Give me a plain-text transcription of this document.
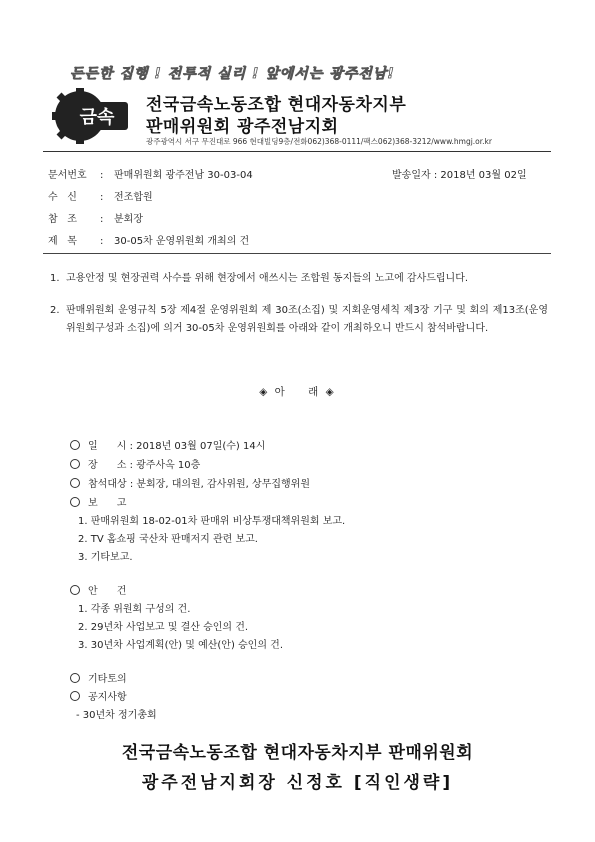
든든한 집행 ! 전투적 실리 ! 앞에서는 광주전남!
금속
전국금속노동조합 현대자동차지부
판매위원회 광주전남지회
광주광역시 서구 무진대로 966 현대빌딩9층/전화062)368-0111/팩스062)368-3212/www.hmgj.or.kr
문서번호 : 판매위원회 광주전남 30-03-04	발송일자 : 2018년 03월 02일
수   신 : 전조합원
참   조 : 분회장
제   목 : 30-05차 운영위원회 개최의 건
1. 고용안정 및 현장권력 사수를 위해 현장에서 애쓰시는 조합원 동지들의 노고에 감사드립니다.
2. 판매위원회 운영규칙 5장 제4절 운영위원회 제 30조(소집) 및 지회운영세칙 제3장 기구 및 회의 제13조(운영위원회구성과 소집)에 의거 30-05차 운영위원회를 아래와 같이 개최하오니 반드시 참석바랍니다.
◈ 아    래 ◈
일      시 : 2018년 03월 07일(수) 14시
장      소 : 광주사옥 10층
참석대상 : 분회장, 대의원, 감사위원, 상무집행위원
보      고
1. 판매위원회 18-02-01차 판매위 비상투쟁대책위원회 보고.
2. TV 홈쇼핑 국산차 판매저지 관련 보고.
3. 기타보고.
안      건
1. 각종 위원회 구성의 건.
2. 29년차 사업보고 및 결산 승인의 건.
3. 30년차 사업계획(안) 및 예산(안) 승인의 건.
기타토의
공지사항
- 30년차 정기총회
전국금속노동조합 현대자동차지부 판매위원회
광주전남지회장 신정호 [직인생략]
